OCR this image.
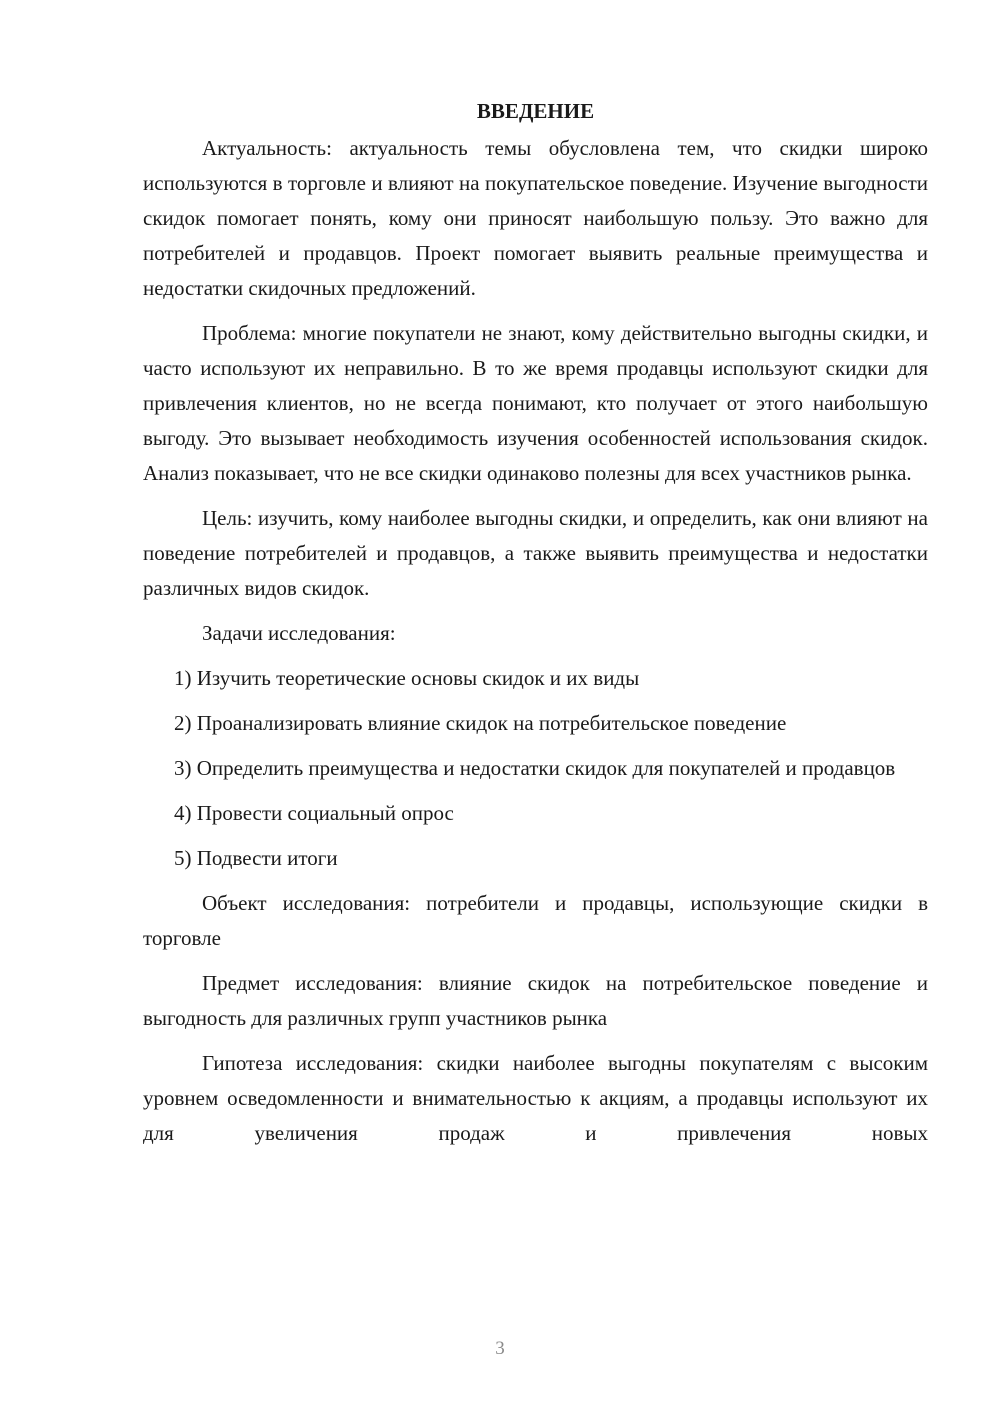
ВВЕДЕНИЕ

Актуальность: актуальность темы обусловлена тем, что скидки широко используются в торговле и влияют на покупательское поведение. Изучение выгодности скидок помогает понять, кому они приносят наибольшую пользу. Это важно для потребителей и продавцов. Проект помогает выявить реальные преимущества и недостатки скидочных предложений.

Проблема: многие покупатели не знают, кому действительно выгодны скидки, и часто используют их неправильно. В то же время продавцы используют скидки для привлечения клиентов, но не всегда понимают, кто получает от этого наибольшую выгоду. Это вызывает необходимость изучения особенностей использования скидок. Анализ показывает, что не все скидки одинаково полезны для всех участников рынка.

Цель: изучить, кому наиболее выгодны скидки, и определить, как они влияют на поведение потребителей и продавцов, а также выявить преимущества и недостатки различных видов скидок.

Задачи исследования:

1) Изучить теоретические основы скидок и их виды

2) Проанализировать влияние скидок на потребительское поведение

3) Определить преимущества и недостатки скидок для покупателей и продавцов

4) Провести социальный опрос

5) Подвести итоги

Объект исследования: потребители и продавцы, использующие скидки в торговле

Предмет исследования: влияние скидок на потребительское поведение и выгодность для различных групп участников рынка

Гипотеза исследования: скидки наиболее выгодны покупателям с высоким уровнем осведомленности и внимательностью к акциям, а продавцы используют их для увеличения продаж и привлечения новых

3
